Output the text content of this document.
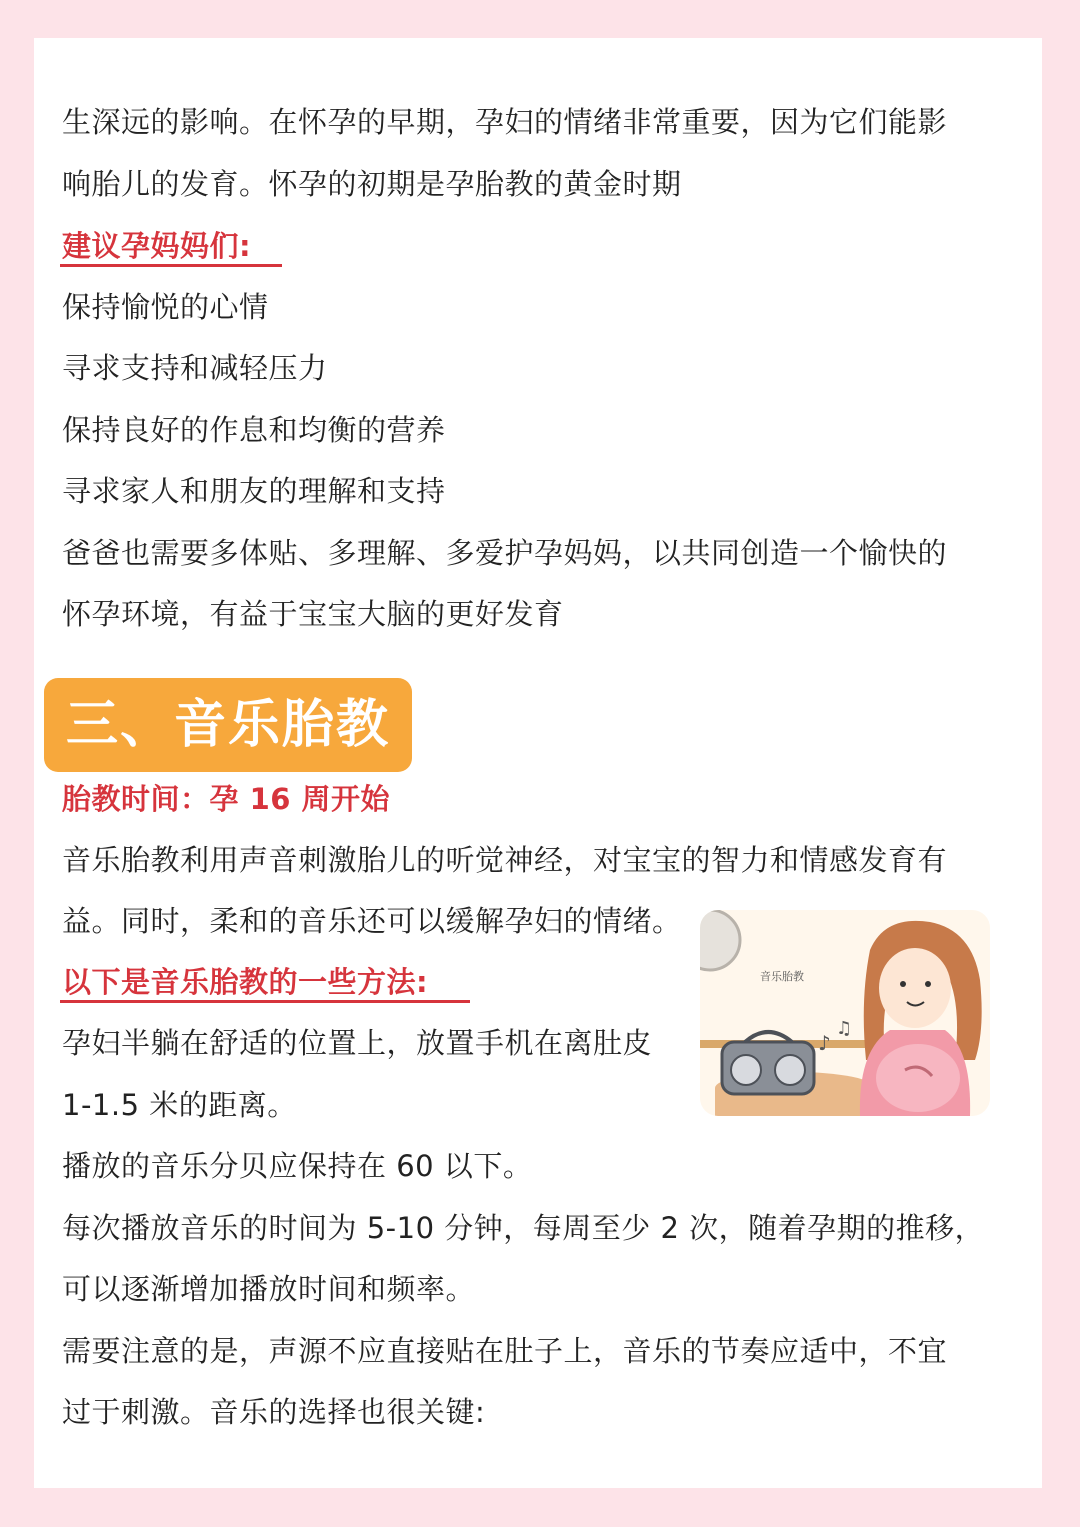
生深远的影响。在怀孕的早期，孕妇的情绪非常重要，因为它们能影
响胎儿的发育。怀孕的初期是孕胎教的黄金时期
建议孕妈妈们:
保持愉悦的心情
寻求支持和减轻压力
保持良好的作息和均衡的营养
寻求家人和朋友的理解和支持
爸爸也需要多体贴、多理解、多爱护孕妈妈，以共同创造一个愉快的
怀孕环境，有益于宝宝大脑的更好发育
三、音乐胎教
胎教时间：孕 16 周开始
音乐胎教利用声音刺激胎儿的听觉神经，对宝宝的智力和情感发育有
益。同时，柔和的音乐还可以缓解孕妇的情绪。
以下是音乐胎教的一些方法:
孕妇半躺在舒适的位置上，放置手机在离肚皮
1-1.5 米的距离。
播放的音乐分贝应保持在 60 以下。
每次播放音乐的时间为 5-10 分钟，每周至少 2 次，随着孕期的推移，
可以逐渐增加播放时间和频率。
需要注意的是，声源不应直接贴在肚子上，音乐的节奏应适中，不宜
过于刺激。音乐的选择也很关键:
♪
♫
音乐胎教
